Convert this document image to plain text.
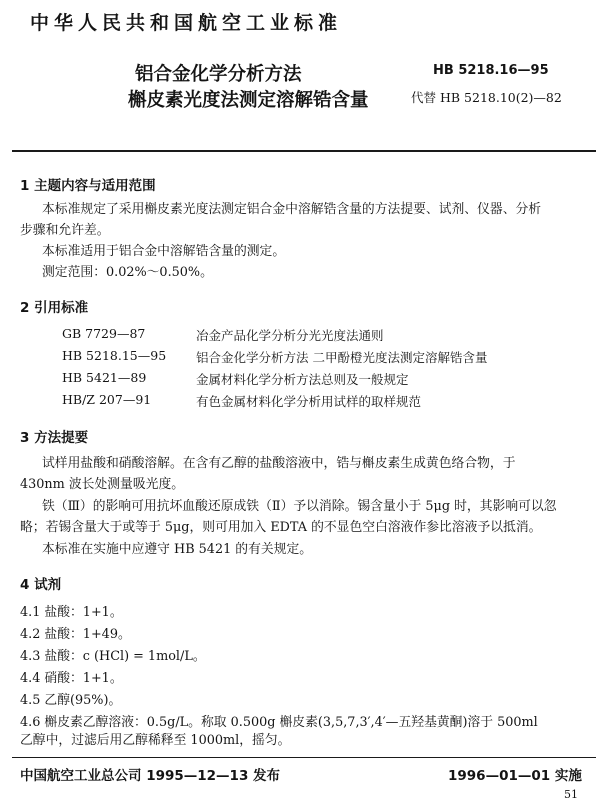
中华人民共和国航空工业标准
铝合金化学分析方法
槲皮素光度法测定溶解锆含量
HB 5218.16—95
代替 HB 5218.10(2)—82
1 主题内容与适用范围
本标准规定了采用槲皮素光度法测定铝合金中溶解锆含量的方法提要、试剂、仪器、分析
步骤和允许差。
本标准适用于铝合金中溶解锆含量的测定。
测定范围：0.02%～0.50%。
2 引用标准
GB 7729—87	冶金产品化学分析分光光度法通则
HB 5218.15—95 铝合金化学分析方法 二甲酚橙光度法测定溶解锆含量
HB 5421—89	金属材料化学分析方法总则及一般规定
HB/Z 207—91	有色金属材料化学分析用试样的取样规范
3 方法提要
试样用盐酸和硝酸溶解。在含有乙醇的盐酸溶液中，锆与槲皮素生成黄色络合物，于
430nm 波长处测量吸光度。
铁（Ⅲ）的影响可用抗坏血酸还原成铁（Ⅱ）予以消除。锡含量小于 5μg 时，其影响可以忽
略；若锡含量大于或等于 5μg，则可用加入 EDTA 的不显色空白溶液作参比溶液予以抵消。
本标准在实施中应遵守 HB 5421 的有关规定。
4 试剂
4.1 盐酸：1+1。
4.2 盐酸：1+49。
4.3 盐酸：c (HCl) = 1mol/L。
4.4 硝酸：1+1。
4.5 乙醇(95%)。
4.6 槲皮素乙醇溶液：0.5g/L。称取 0.500g 槲皮素(3,5,7,3′,4′—五羟基黄酮)溶于 500ml
乙醇中，过滤后用乙醇稀释至 1000ml，摇匀。
中国航空工业总公司 1995—12—13 发布	1996—01—01 实施
51
